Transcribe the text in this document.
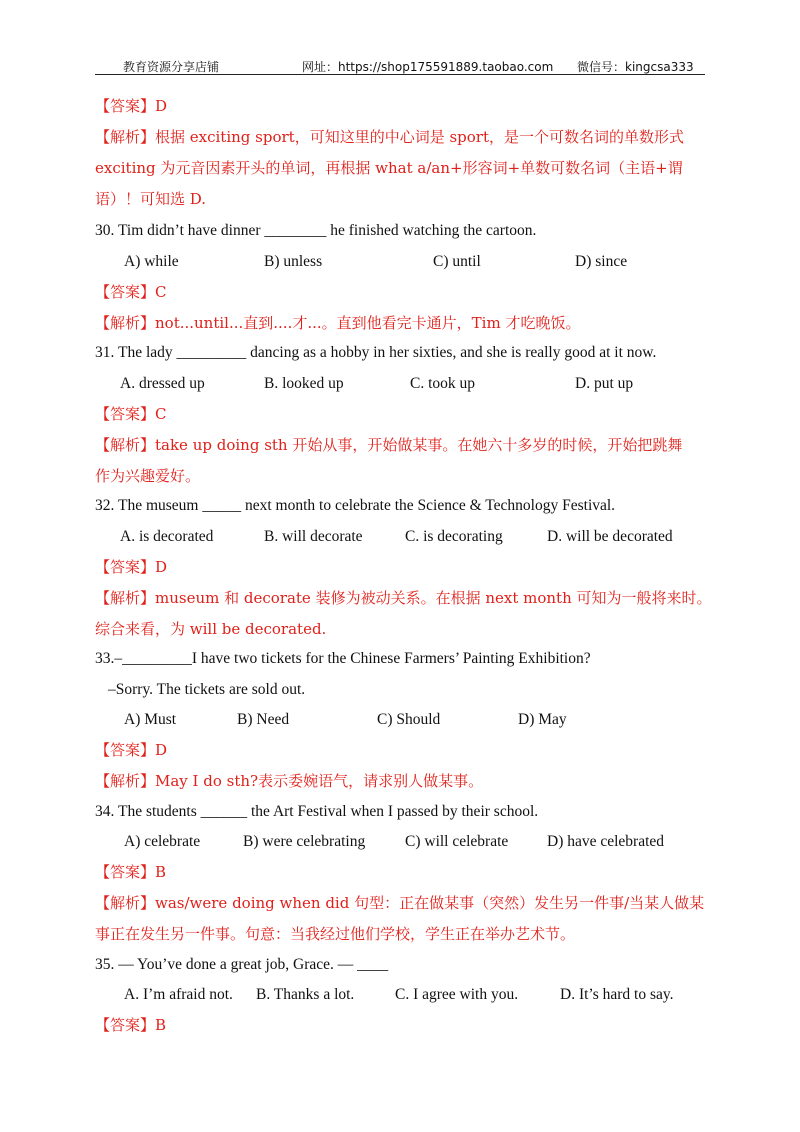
教育资源分享店铺	网址：https://shop175591889.taobao.com 微信号：kingcsa333
【答案】D
【解析】根据 exciting sport，可知这里的中心词是 sport，是一个可数名词的单数形式
exciting 为元音因素开头的单词，再根据 what a/an+形容词+单数可数名词（主语+谓
语）！可知选 D.
30. Tim didn’t have dinner ________ he finished watching the cartoon.
A) while	B) unless	C) until	D) since
【答案】C
【解析】not...until...直到....才...。直到他看完卡通片，Tim 才吃晚饭。
31. The lady _________ dancing as a hobby in her sixties, and she is really good at it now.
A. dressed up	B. looked up	C. took up	D. put up
【答案】C
【解析】take up doing sth 开始从事，开始做某事。在她六十多岁的时候，开始把跳舞
作为兴趣爱好。
32. The museum _____ next month to celebrate the Science & Technology Festival.
A. is decorated	B. will decorate	C. is decorating	D. will be decorated
【答案】D
【解析】museum 和 decorate 装修为被动关系。在根据 next month 可知为一般将来时。
综合来看，为 will be decorated.
33.–_________I have two tickets for the Chinese Farmers’ Painting Exhibition?
–Sorry. The tickets are sold out.
A) Must	B) Need	C) Should	D) May
【答案】D
【解析】May I do sth?表示委婉语气，请求别人做某事。
34. The students ______ the Art Festival when I passed by their school.
A) celebrate	B) were celebrating	C) will celebrate D) have celebrated
【答案】B
【解析】was/were doing when did 句型：正在做某事（突然）发生另一件事/当某人做某
事正在发生另一件事。句意：当我经过他们学校，学生正在举办艺术节。
35. — You’ve done a great job, Grace. — ____
A. I’m afraid not. B. Thanks a lot.	C. I agree with you.	D. It’s hard to say.
【答案】B
